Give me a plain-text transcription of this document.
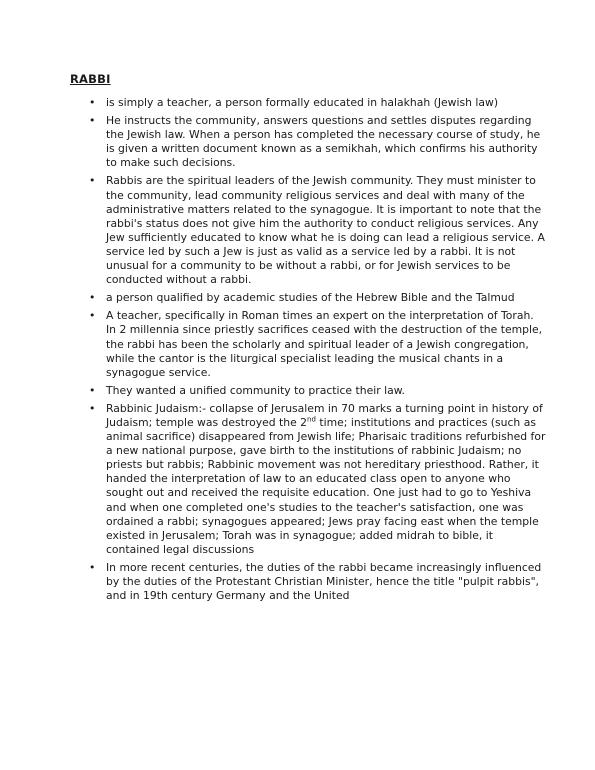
RABBI
• is simply a teacher, a person formally educated in halakhah (Jewish law)
• He instructs the community, answers questions and settles disputes regarding the Jewish law. When a person has completed the necessary course of study, he is given a written document known as a semikhah, which confirms his authority to make such decisions.
• Rabbis are the spiritual leaders of the Jewish community. They must minister to the community, lead community religious services and deal with many of the administrative matters related to the synagogue. It is important to note that the rabbi's status does not give him the authority to conduct religious services. Any Jew sufficiently educated to know what he is doing can lead a religious service. A service led by such a Jew is just as valid as a service led by a rabbi. It is not unusual for a community to be without a rabbi, or for Jewish services to be conducted without a rabbi.
• a person qualified by academic studies of the Hebrew Bible and the Talmud
• A teacher, specifically in Roman times an expert on the interpretation of Torah. In 2 millennia since priestly sacrifices ceased with the destruction of the temple, the rabbi has been the scholarly and spiritual leader of a Jewish congregation, while the cantor is the liturgical specialist leading the musical chants in a synagogue service.
• They wanted a unified community to practice their law.
• Rabbinic Judaism:- collapse of Jerusalem in 70 marks a turning point in history of Judaism; temple was destroyed the 2nd time; institutions and practices (such as animal sacrifice) disappeared from Jewish life; Pharisaic traditions refurbished for a new national purpose, gave birth to the institutions of rabbinic Judaism; no priests but rabbis; Rabbinic movement was not hereditary priesthood. Rather, it handed the interpretation of law to an educated class open to anyone who sought out and received the requisite education. One just had to go to Yeshiva and when one completed one's studies to the teacher's satisfaction, one was ordained a rabbi; synagogues appeared; Jews pray facing east when the temple existed in Jerusalem; Torah was in synagogue; added midrah to bible, it contained legal discussions
• In more recent centuries, the duties of the rabbi became increasingly influenced by the duties of the Protestant Christian Minister, hence the title "pulpit rabbis", and in 19th century Germany and the United
